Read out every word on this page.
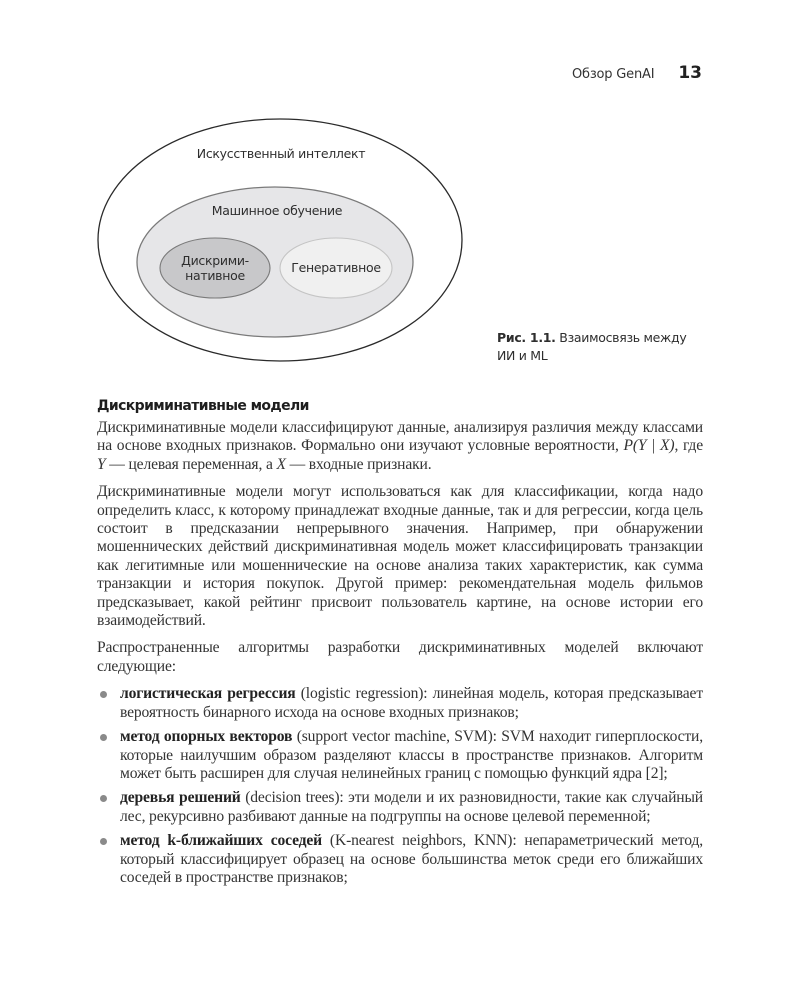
Обзор GenAI 13
Искусственный интеллект
Машинное обучение
Дискрими-
нативное
Генеративное
Рис. 1.1. Взаимосвязь между ИИ и ML
Дискриминативные модели

Дискриминативные модели классифицируют данные, анализируя различия между классами на основе входных признаков. Формально они изучают условные вероятности, P(Y | X), где Y — целевая переменная, а X — входные признаки.

Дискриминативные модели могут использоваться как для классификации, когда надо определить класс, к которому принадлежат входные данные, так и для регрессии, когда цель состоит в предсказании непрерывного значения. Например, при обнаружении мошеннических действий дискриминативная модель может классифицировать транзакции как легитимные или мошеннические на основе анализа таких характеристик, как сумма транзакции и история покупок. Другой пример: рекомендательная модель фильмов предсказывает, какой рейтинг присвоит пользователь картине, на основе истории его взаимодействий.

Распространенные алгоритмы разработки дискриминативных моделей включают следующие:

логистическая регрессия (logistic regression): линейная модель, которая предсказывает вероятность бинарного исхода на основе входных признаков;
метод опорных векторов (support vector machine, SVM): SVM находит гиперплоскости, которые наилучшим образом разделяют классы в пространстве признаков. Алгоритм может быть расширен для случая нелинейных границ с помощью функций ядра [2];
деревья решений (decision trees): эти модели и их разновидности, такие как случайный лес, рекурсивно разбивают данные на подгруппы на основе целевой переменной;
метод k-ближайших соседей (K-nearest neighbors, KNN): непараметрический метод, который классифицирует образец на основе большинства меток среди его ближайших соседей в пространстве признаков;
